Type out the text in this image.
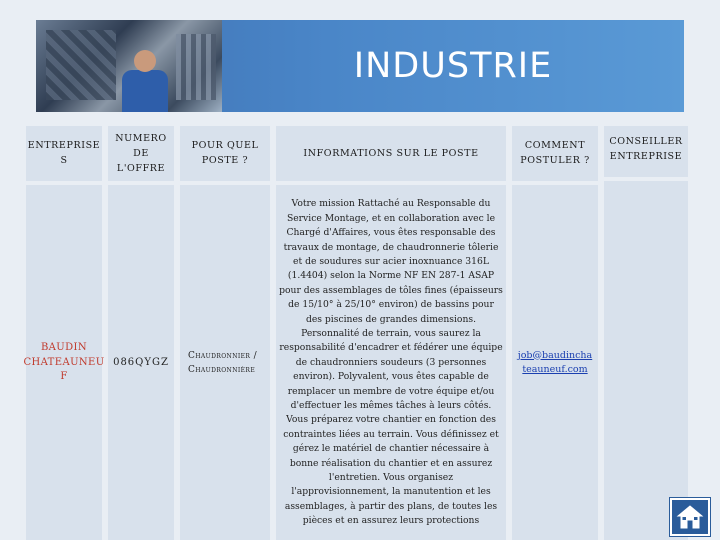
INDUSTRIE
ENTREPRISE S
BAUDIN CHATEAUNEU F
NUMERO DE L'OFFRE
086QYGZ
POUR QUEL POSTE ?
Chaudronnier / Chaudronnière
INFORMATIONS SUR LE POSTE
Votre mission Rattaché au Responsable du Service Montage, et en collaboration avec le Chargé d'Affaires, vous êtes responsable des travaux de montage, de chaudronnerie tôlerie et de soudures sur acier inoxnuance 316L (1.4404) selon la Norme NF EN 287-1 ASAP pour des assemblages de tôles fines (épaisseurs de 15/10° à 25/10° environ) de bassins pour des piscines de grandes dimensions. Personnalité de terrain, vous saurez la responsabilité d'encadrer et fédérer une équipe de chaudronniers soudeurs (3 personnes environ). Polyvalent, vous êtes capable de remplacer un membre de votre équipe et/ou d'effectuer les mêmes tâches à leurs côtés. Vous préparez votre chantier en fonction des contraintes liées au terrain. Vous définissez et gérez le matériel de chantier nécessaire à bonne réalisation du chantier et en assurez l'entretien. Vous organisez l'approvisionnement, la manutention et les assemblages, à partir des plans, de toutes les pièces et en assurez leurs protections
COMMENT POSTULER ?
job@baudinchateauneuf.com
CONSEILLER ENTREPRISE
